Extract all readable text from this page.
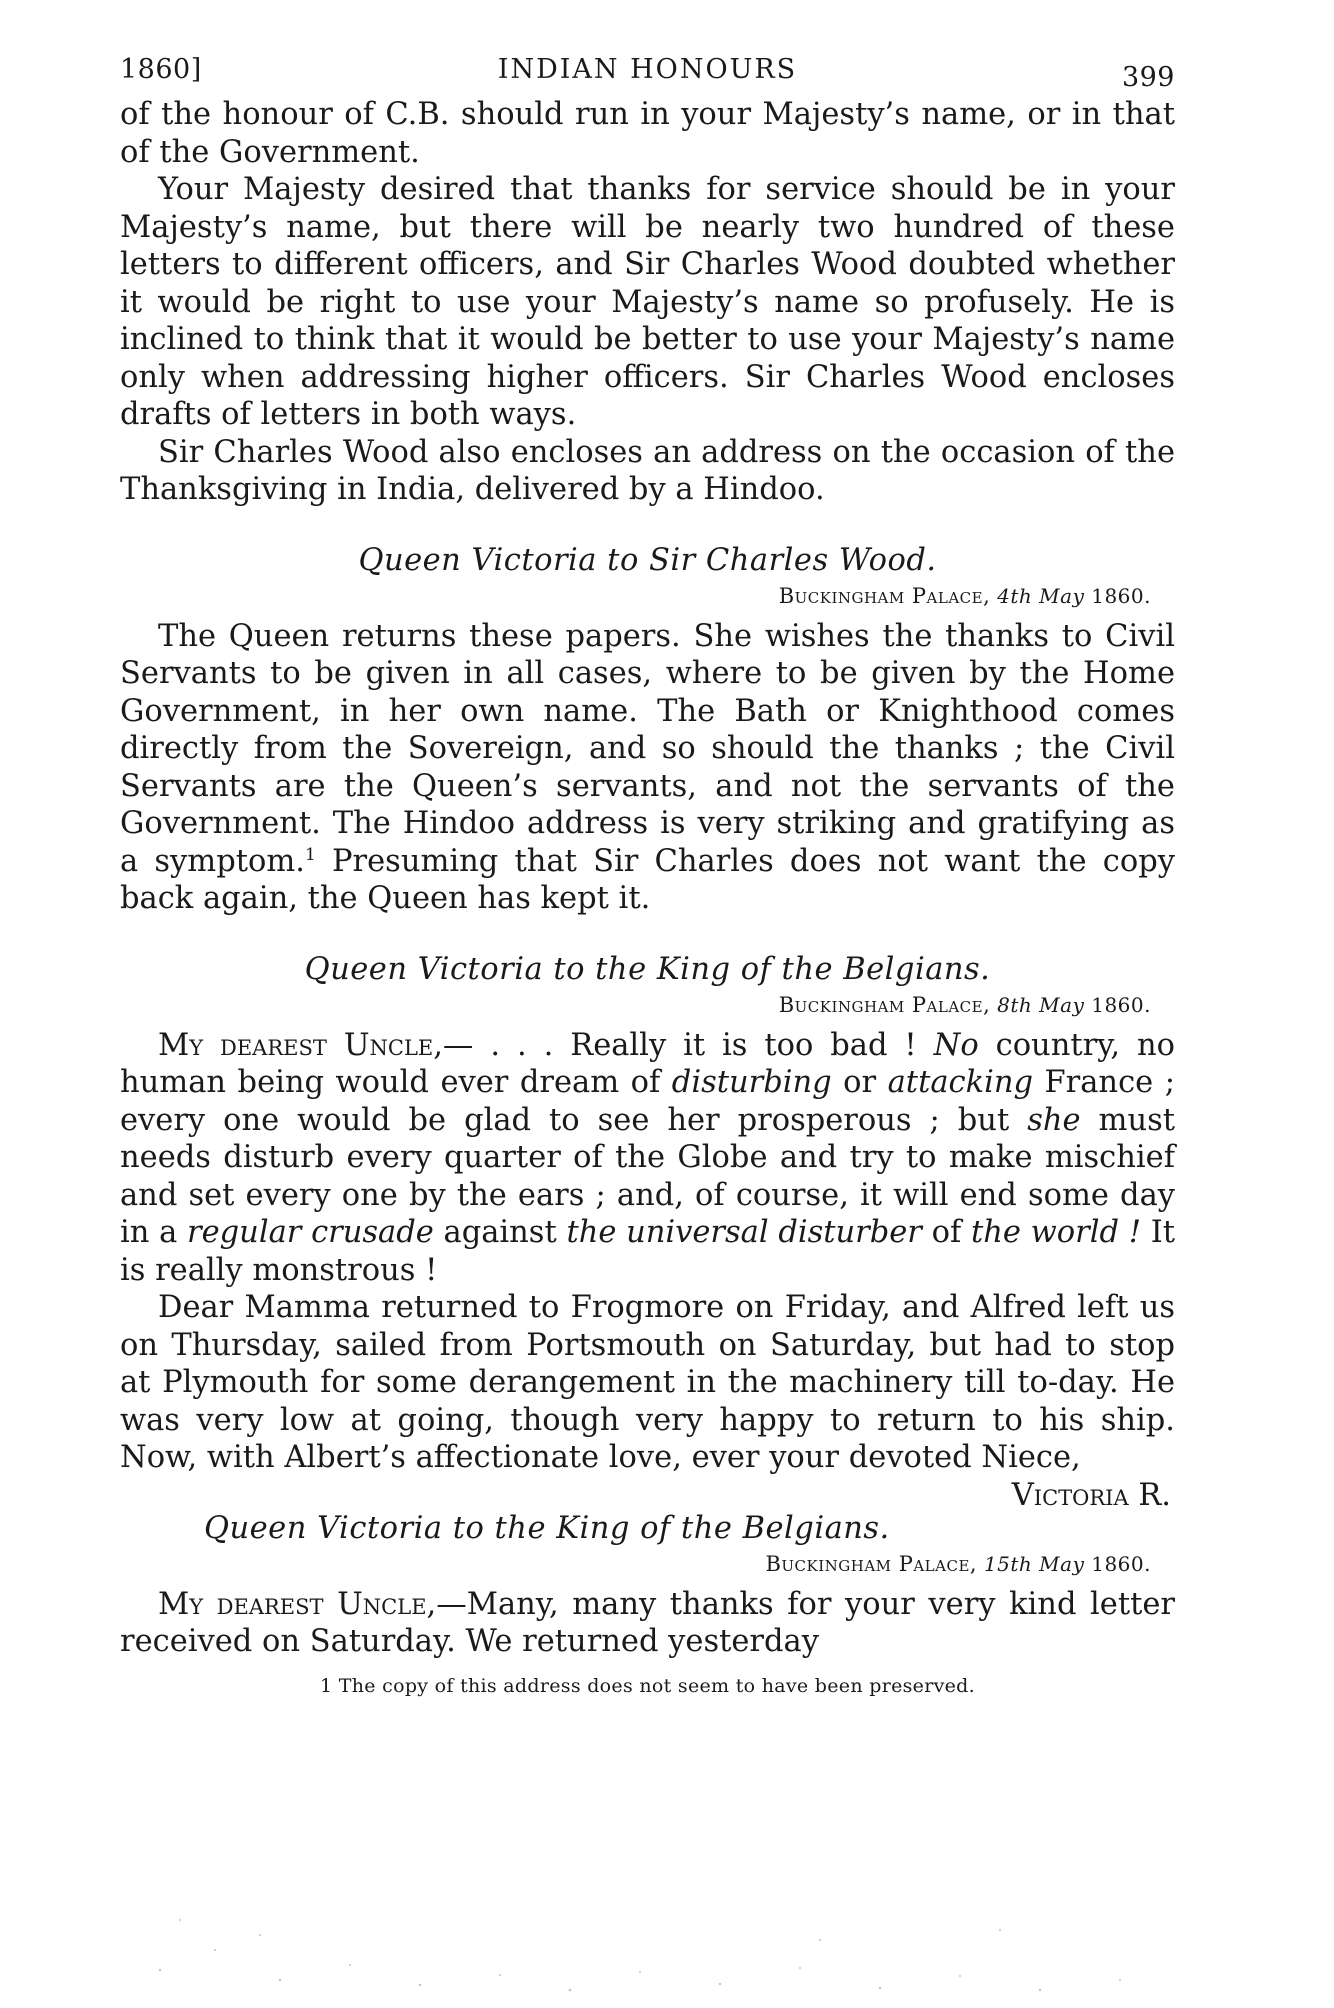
1860]	INDIAN HONOURS	399

of the honour of C.B. should run in your Majesty’s name, or in that of the Government.

Your Majesty desired that thanks for service should be in your Majesty’s name, but there will be nearly two hundred of these letters to different officers, and Sir Charles Wood doubted whether it would be right to use your Majesty’s name so profusely. He is inclined to think that it would be better to use your Majesty’s name only when addressing higher officers. Sir Charles Wood encloses drafts of letters in both ways.

Sir Charles Wood also encloses an address on the occasion of the Thanksgiving in India, delivered by a Hindoo.

Queen Victoria to Sir Charles Wood.
Buckingham Palace, 4th May 1860.

The Queen returns these papers. She wishes the thanks to Civil Servants to be given in all cases, where to be given by the Home Government, in her own name. The Bath or Knighthood comes directly from the Sovereign, and so should the thanks ; the Civil Servants are the Queen’s servants, and not the servants of the Government. The Hindoo address is very striking and gratifying as a symptom.$^1$ Presuming that Sir Charles does not want the copy back again, the Queen has kept it.

Queen Victoria to the King of the Belgians.
Buckingham Palace, 8th May 1860.

My dearest Uncle,— . . . Really it is too bad ! No country, no human being would ever dream of disturbing or attacking France ; every one would be glad to see her prosperous ; but she must needs disturb every quarter of the Globe and try to make mischief and set every one by the ears ; and, of course, it will end some day in a regular crusade against the universal disturber of the world ! It is really monstrous !

Dear Mamma returned to Frogmore on Friday, and Alfred left us on Thursday, sailed from Portsmouth on Saturday, but had to stop at Plymouth for some derangement in the machinery till to-day. He was very low at going, though very happy to return to his ship. Now, with Albert’s affectionate love, ever your devoted Niece,
Victoria R.

Queen Victoria to the King of the Belgians.
Buckingham Palace, 15th May 1860.

My dearest Uncle,—Many, many thanks for your very kind letter received on Saturday. We returned yesterday

1 The copy of this address does not seem to have been preserved.
